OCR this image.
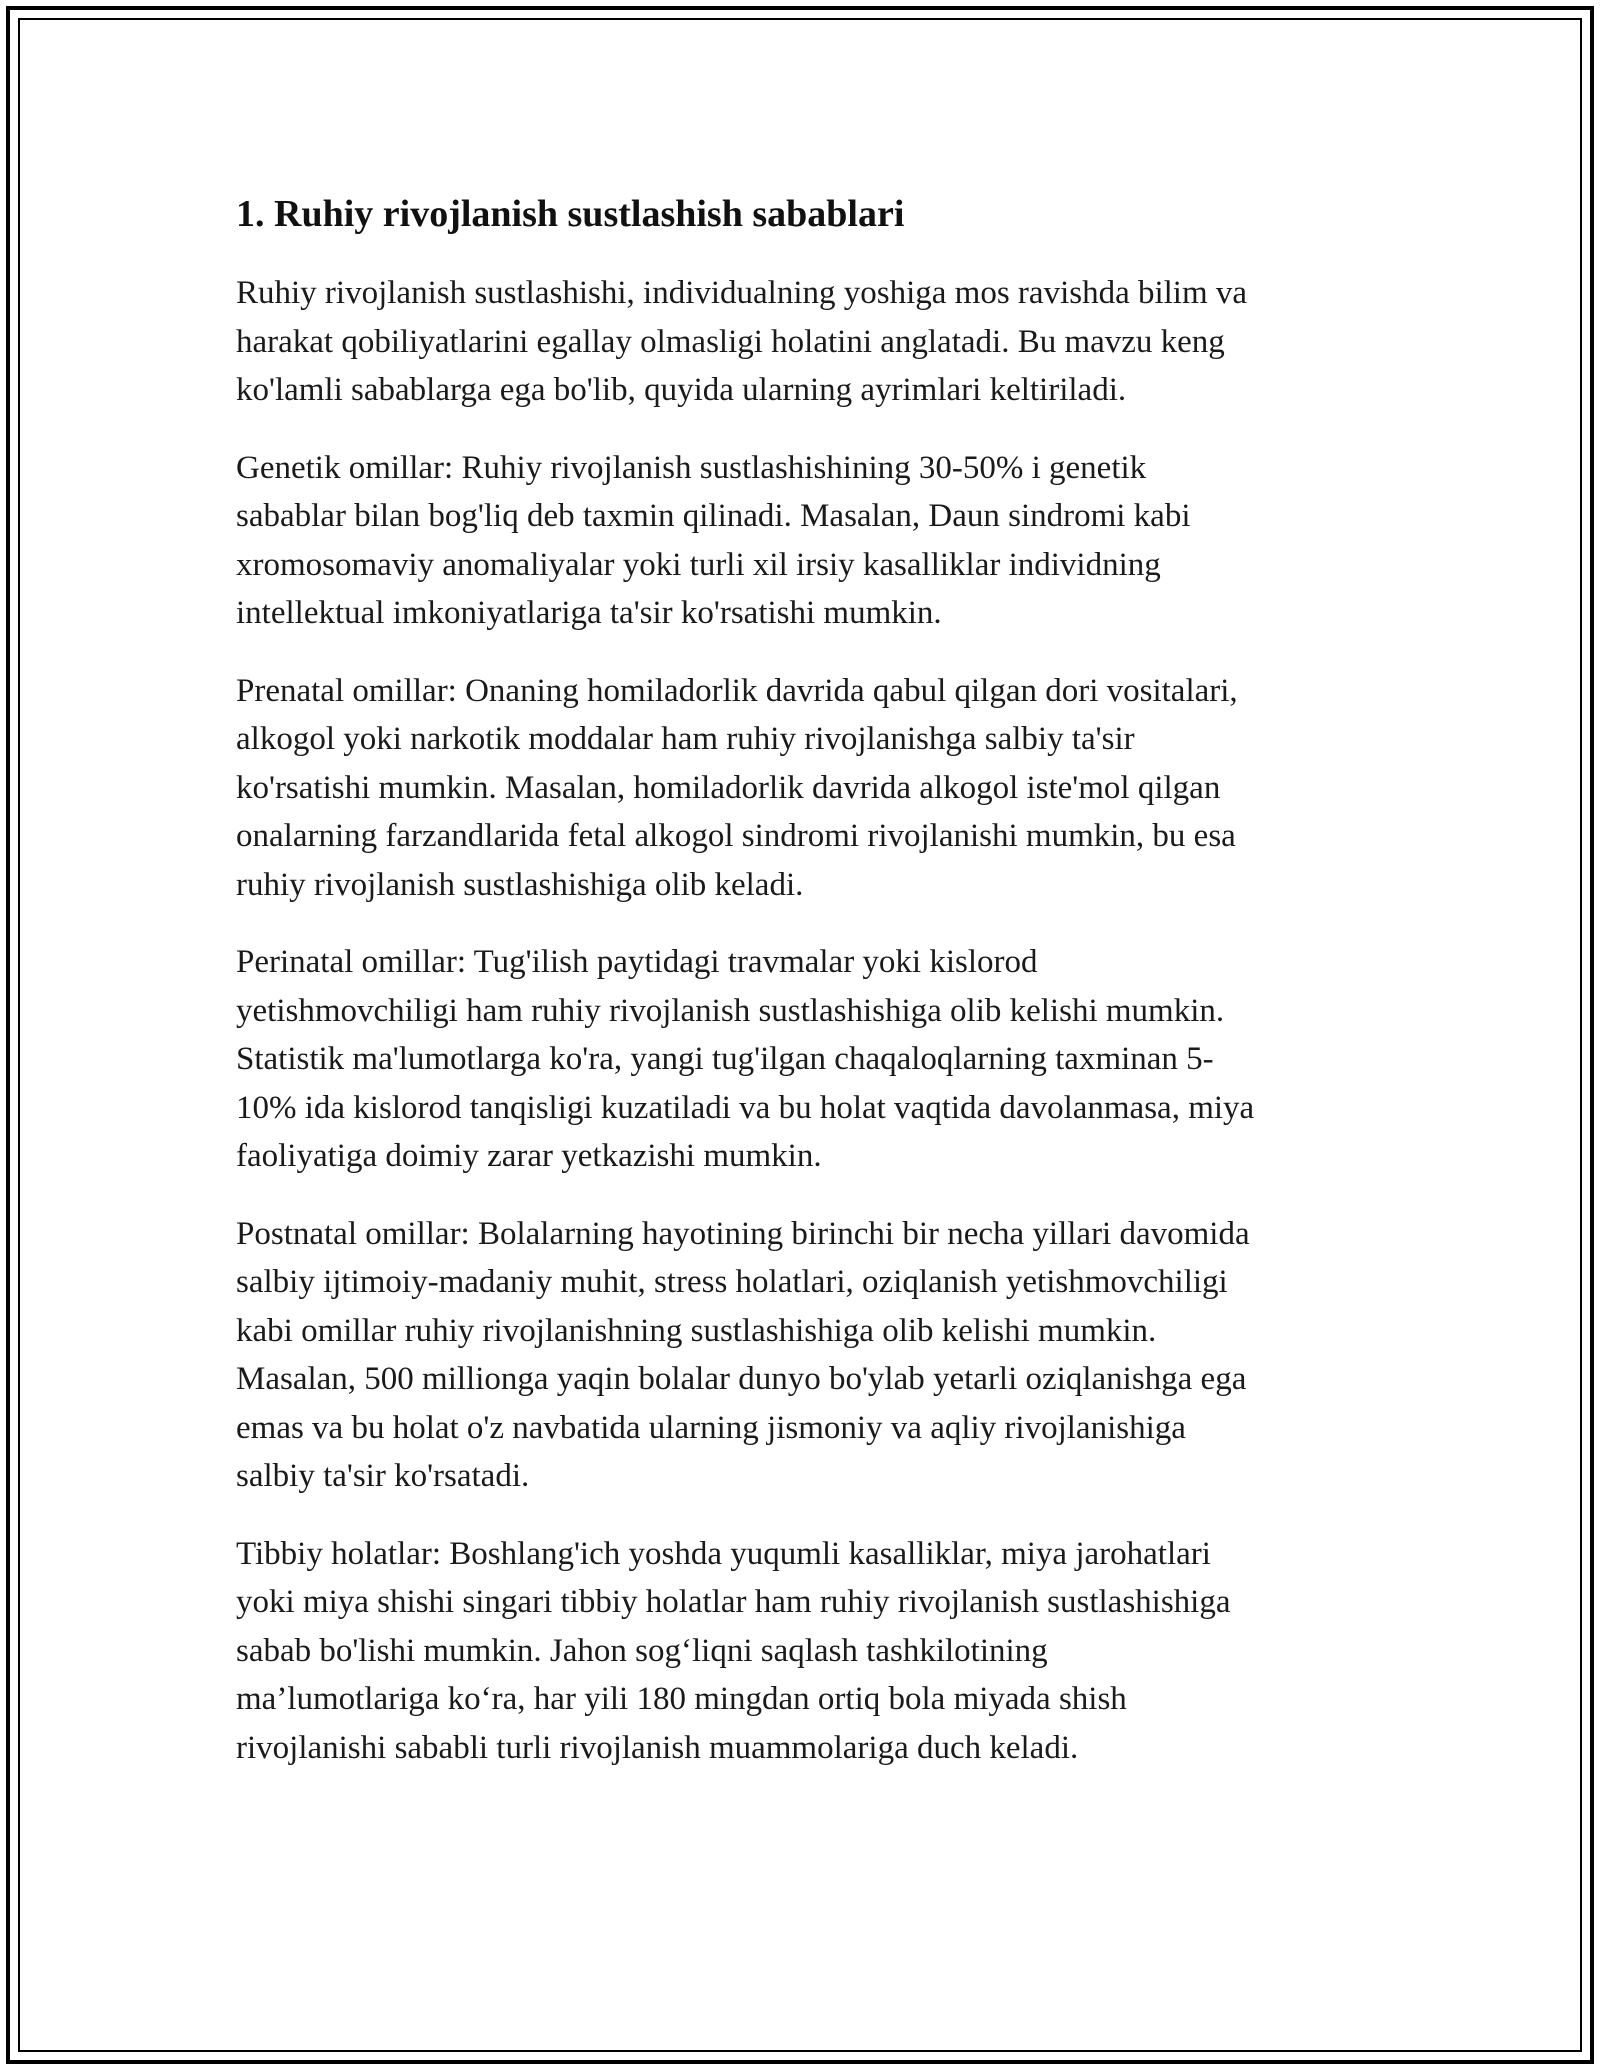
1. Ruhiy rivojlanish sustlashish sabablari

Ruhiy rivojlanish sustlashishi, individualning yoshiga mos ravishda bilim va
harakat qobiliyatlarini egallay olmasligi holatini anglatadi. Bu mavzu keng
ko'lamli sabablarga ega bo'lib, quyida ularning ayrimlari keltiriladi.

Genetik omillar: Ruhiy rivojlanish sustlashishining 30-50% i genetik
sabablar bilan bog'liq deb taxmin qilinadi. Masalan, Daun sindromi kabi
xromosomaviy anomaliyalar yoki turli xil irsiy kasalliklar individning
intellektual imkoniyatlariga ta'sir ko'rsatishi mumkin.

Prenatal omillar: Onaning homiladorlik davrida qabul qilgan dori vositalari,
alkogol yoki narkotik moddalar ham ruhiy rivojlanishga salbiy ta'sir
ko'rsatishi mumkin. Masalan, homiladorlik davrida alkogol iste'mol qilgan
onalarning farzandlarida fetal alkogol sindromi rivojlanishi mumkin, bu esa
ruhiy rivojlanish sustlashishiga olib keladi.

Perinatal omillar: Tug'ilish paytidagi travmalar yoki kislorod
yetishmovchiligi ham ruhiy rivojlanish sustlashishiga olib kelishi mumkin.
Statistik ma'lumotlarga ko'ra, yangi tug'ilgan chaqaloqlarning taxminan 5-
10% ida kislorod tanqisligi kuzatiladi va bu holat vaqtida davolanmasa, miya
faoliyatiga doimiy zarar yetkazishi mumkin.

Postnatal omillar: Bolalarning hayotining birinchi bir necha yillari davomida
salbiy ijtimoiy-madaniy muhit, stress holatlari, oziqlanish yetishmovchiligi
kabi omillar ruhiy rivojlanishning sustlashishiga olib kelishi mumkin.
Masalan, 500 millionga yaqin bolalar dunyo bo'ylab yetarli oziqlanishga ega
emas va bu holat o'z navbatida ularning jismoniy va aqliy rivojlanishiga
salbiy ta'sir ko'rsatadi.

Tibbiy holatlar: Boshlang'ich yoshda yuqumli kasalliklar, miya jarohatlari
yoki miya shishi singari tibbiy holatlar ham ruhiy rivojlanish sustlashishiga
sabab bo'lishi mumkin. Jahon sog‘liqni saqlash tashkilotining
ma’lumotlariga ko‘ra, har yili 180 mingdan ortiq bola miyada shish
rivojlanishi sababli turli rivojlanish muammolariga duch keladi.
